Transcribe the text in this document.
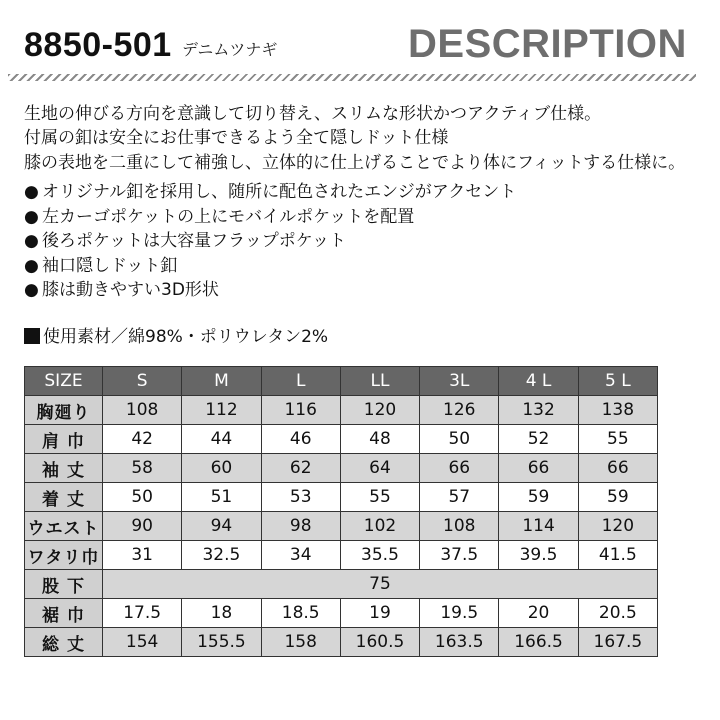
8850-501 デニムツナギ	DESCRIPTION
生地の伸びる方向を意識して切り替え、スリムな形状かつアクティブ仕様。
付属の釦は安全にお仕事できるよう全て隠しドット仕様
膝の表地を二重にして補強し、立体的に仕上げることでより体にフィットする仕様に。
● オリジナル釦を採用し、随所に配色されたエンジがアクセント
● 左カーゴポケットの上にモバイルポケットを配置
● 後ろポケットは大容量フラップポケット
● 袖口隠しドット釦
● 膝は動きやすい3D形状
使用素材／綿98%・ポリウレタン2%
SIZE	S	M	L	LL	3L	4 L	5 L
胸廻り	108	112	116	120	126	132	138
肩 巾	42	44	46	48	50	52	55
袖 丈	58	60	62	64	66	66	66
着 丈	50	51	53	55	57	59	59
ウエスト	90	94	98	102	108	114	120
ワタリ巾	31	32.5	34	35.5	37.5	39.5	41.5
股 下	75						
裾 巾	17.5	18	18.5	19	19.5	20	20.5
総 丈	154	155.5	158	160.5	163.5	166.5	167.5
